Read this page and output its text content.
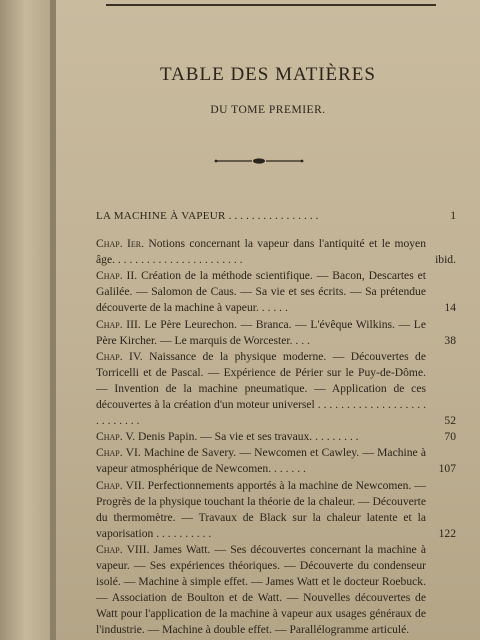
TABLE DES MATIÈRES
DU TOME PREMIER.
LA MACHINE À VAPEUR . . . . . . . . . . . . . . . .	1
Chap. Ier. Notions concernant la vapeur dans l'antiquité et le moyen âge. . . . . . . . . . . . . . . . . . . . . . .	ibid.
Chap. II. Création de la méthode scientifique. — Bacon, Descartes et Galilée. — Salomon de Caus. — Sa vie et ses écrits. — Sa prétendue découverte de la machine à vapeur. . . . . .	14
Chap. III. Le Père Leurechon. — Branca. — L'évêque Wilkins. — Le Père Kircher. — Le marquis de Worcester. . . .	38
Chap. IV. Naissance de la physique moderne. — Découvertes de Torricelli et de Pascal. — Expérience de Périer sur le Puy-de-Dôme. — Invention de la machine pneumatique. — Application de ces découvertes à la création d'un moteur universel . . . . . . . . . . . . . . . . . . . . . . . . . . .	52
Chap. V. Denis Papin. — Sa vie et ses travaux. . . . . . . . .	70
Chap. VI. Machine de Savery. — Newcomen et Cawley. — Machine à vapeur atmosphérique de Newcomen. . . . . . .	107
Chap. VII. Perfectionnements apportés à la machine de Newcomen. — Progrès de la physique touchant la théorie de la chaleur. — Découverte du thermomètre. — Travaux de Black sur la chaleur latente et la vaporisation . . . . . . . . . .	122
Chap. VIII. James Watt. — Ses découvertes concernant la machine à vapeur. — Ses expériences théoriques. — Découverte du condenseur isolé. — Machine à simple effet. — James Watt et le docteur Roebuck. — Association de Boulton et de Watt. — Nouvelles découvertes de Watt pour l'application de la machine à vapeur aux usages généraux de l'industrie. — Machine à double effet. — Parallélogramme articulé.
